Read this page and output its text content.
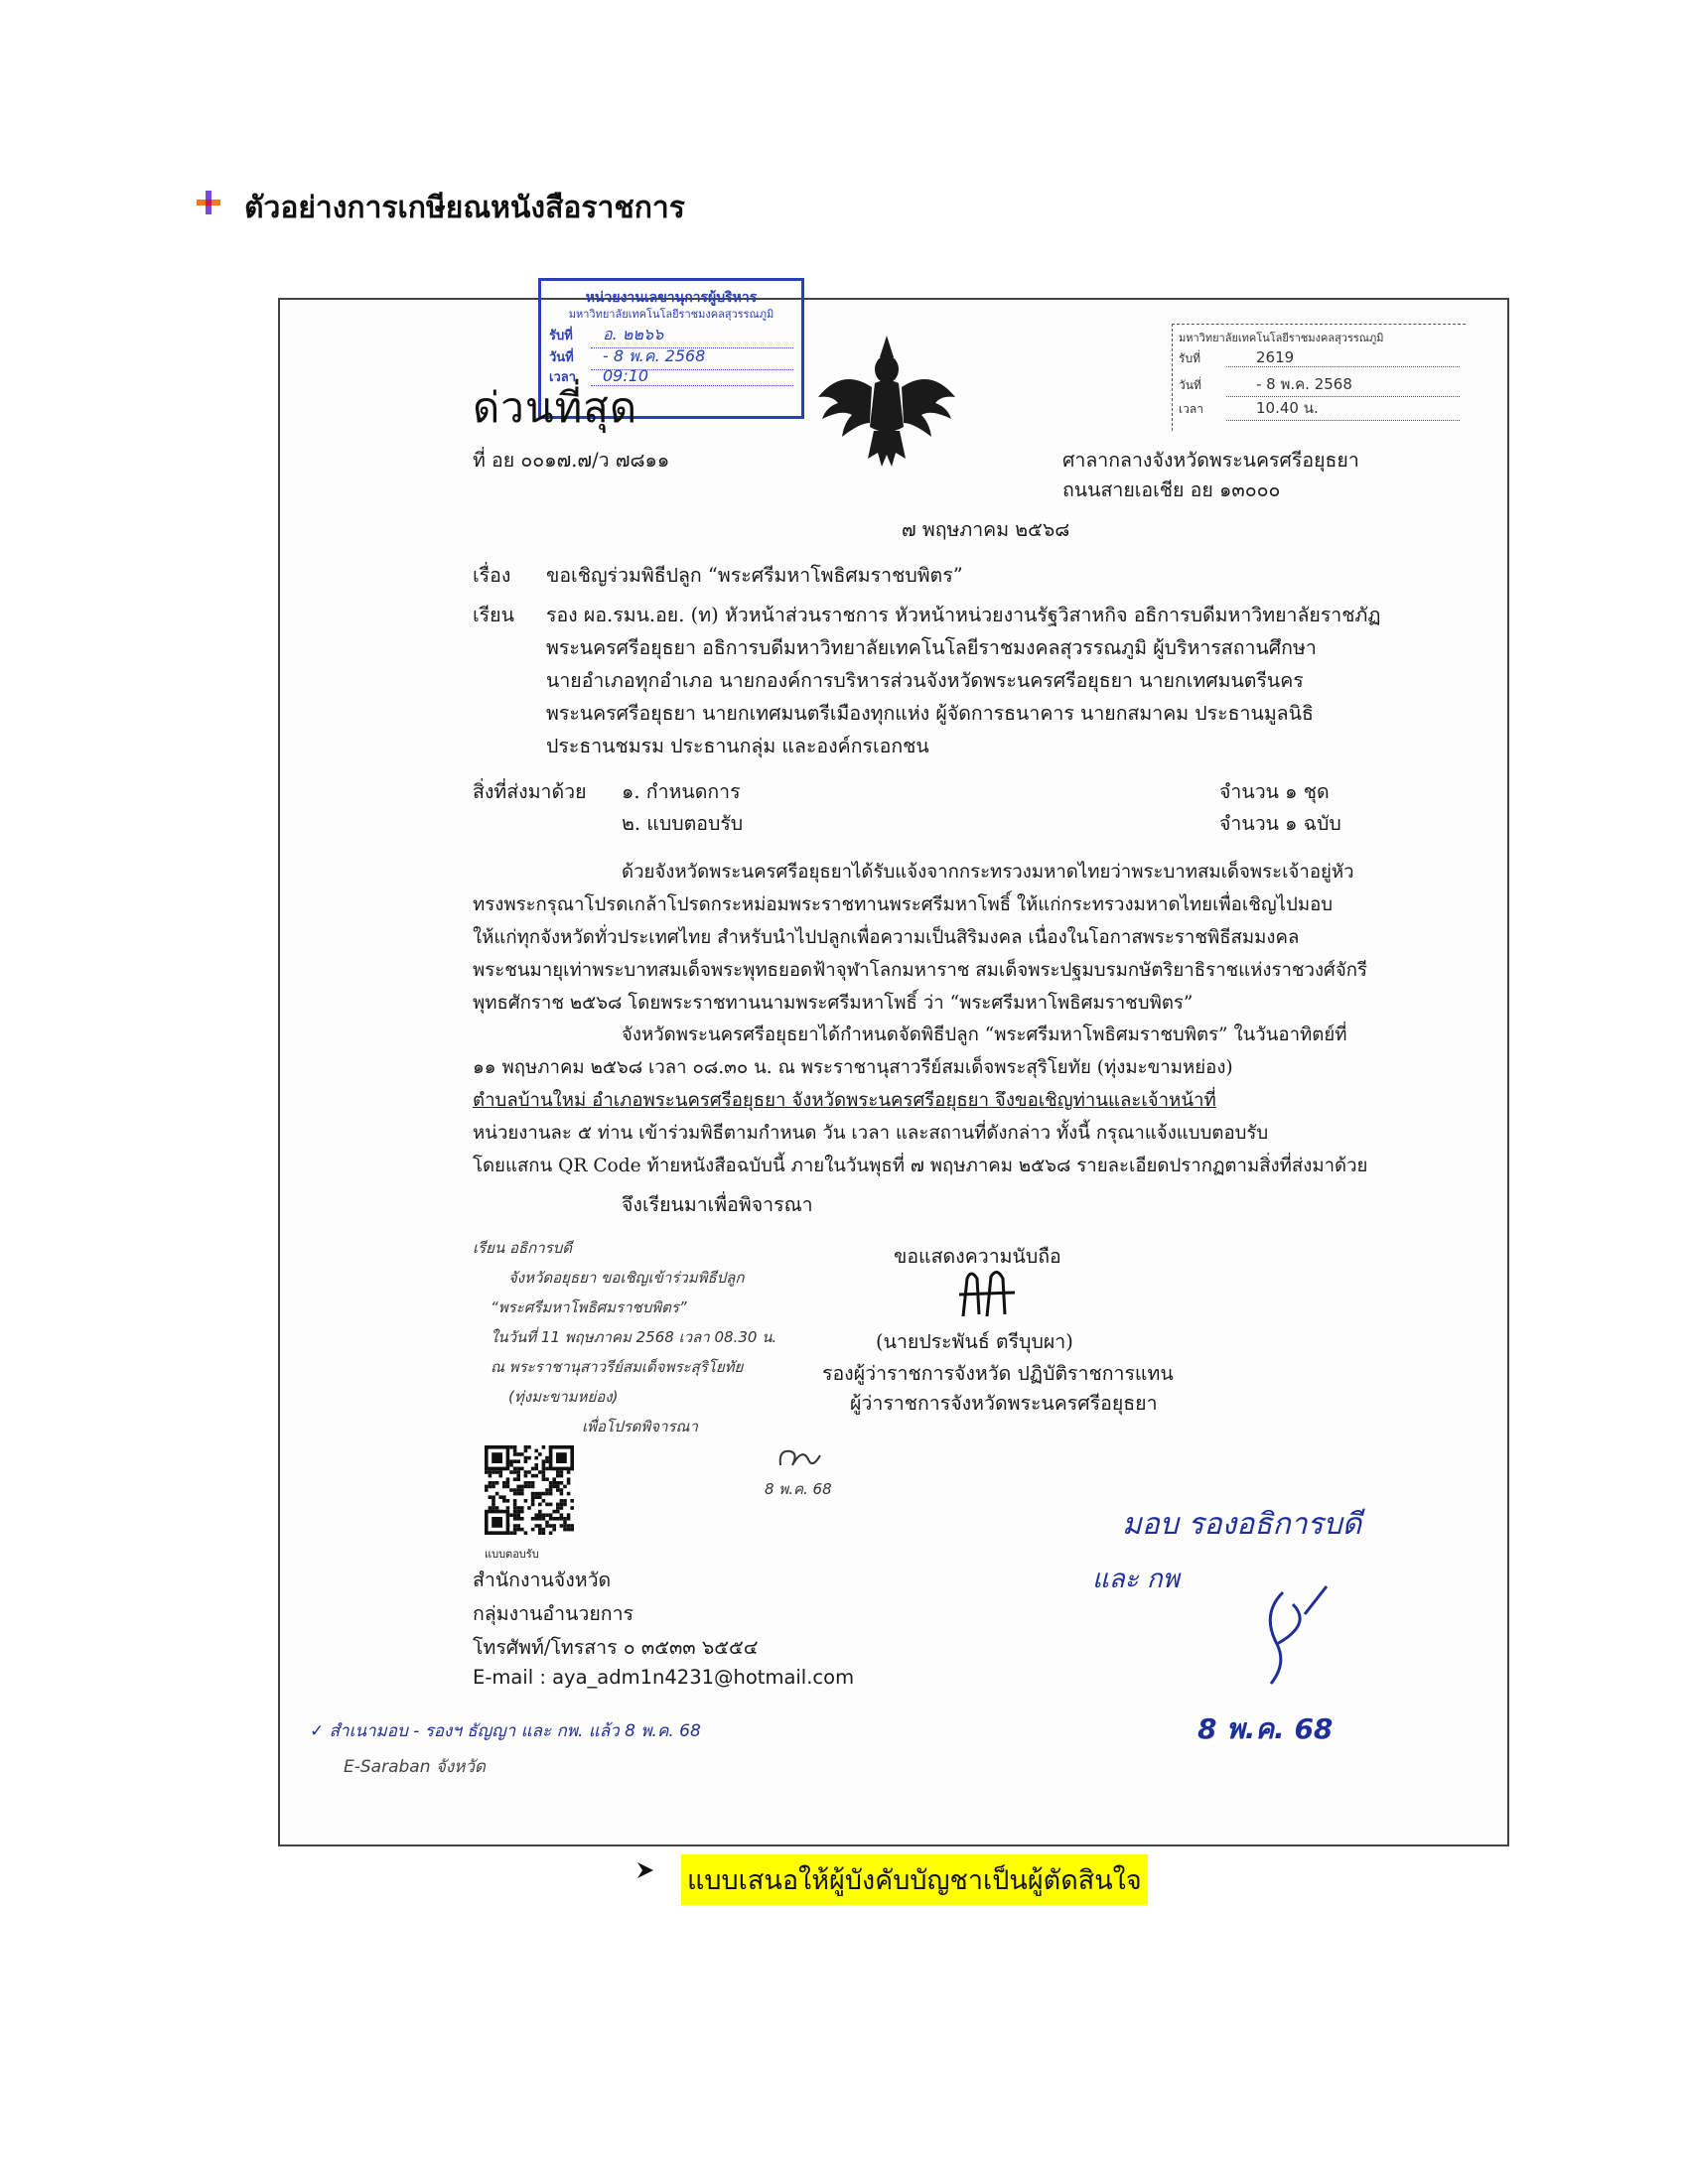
ตัวอย่างการเกษียณหนังสือราชการ
หน่วยงานเลขานุการผู้บริหาร
มหาวิทยาลัยเทคโนโลยีราชมงคลสุวรรณภูมิ
รับที่	อ. ๒๒๖๖
วันที่	- 8 พ.ค. 2568
เวลา	09:10
มหาวิทยาลัยเทคโนโลยีราชมงคลสุวรรณภูมิ
รับที่	2619
วันที่	- 8 พ.ค. 2568
เวลา	10.40 น.
ด่วนที่สุด
ที่ อย ๐๐๑๗.๗/ว ๗๘๑๑	ศาลากลางจังหวัดพระนครศรีอยุธยา
ถนนสายเอเชีย อย ๑๓๐๐๐
๗ พฤษภาคม ๒๕๖๘
เรื่อง ขอเชิญร่วมพิธีปลูก “พระศรีมหาโพธิศมราชบพิตร”
เรียน รอง ผอ.รมน.อย. (ท) หัวหน้าส่วนราชการ หัวหน้าหน่วยงานรัฐวิสาหกิจ อธิการบดีมหาวิทยาลัยราชภัฏ
พระนครศรีอยุธยา อธิการบดีมหาวิทยาลัยเทคโนโลยีราชมงคลสุวรรณภูมิ ผู้บริหารสถานศึกษา
นายอำเภอทุกอำเภอ นายกองค์การบริหารส่วนจังหวัดพระนครศรีอยุธยา นายกเทศมนตรีนคร
พระนครศรีอยุธยา นายกเทศมนตรีเมืองทุกแห่ง ผู้จัดการธนาคาร นายกสมาคม ประธานมูลนิธิ
ประธานชมรม ประธานกลุ่ม และองค์กรเอกชน
สิ่งที่ส่งมาด้วย ๑. กำหนดการ	จำนวน ๑ ชุด
๒. แบบตอบรับ	จำนวน ๑ ฉบับ
ด้วยจังหวัดพระนครศรีอยุธยาได้รับแจ้งจากกระทรวงมหาดไทยว่าพระบาทสมเด็จพระเจ้าอยู่หัว
ทรงพระกรุณาโปรดเกล้าโปรดกระหม่อมพระราชทานพระศรีมหาโพธิ์ ให้แก่กระทรวงมหาดไทยเพื่อเชิญไปมอบ
ให้แก่ทุกจังหวัดทั่วประเทศไทย สำหรับนำไปปลูกเพื่อความเป็นสิริมงคล เนื่องในโอกาสพระราชพิธีสมมงคล
พระชนมายุเท่าพระบาทสมเด็จพระพุทธยอดฟ้าจุฬาโลกมหาราช สมเด็จพระปฐมบรมกษัตริยาธิราชแห่งราชวงศ์จักรี
พุทธศักราช ๒๕๖๘ โดยพระราชทานนามพระศรีมหาโพธิ์ ว่า “พระศรีมหาโพธิศมราชบพิตร”
จังหวัดพระนครศรีอยุธยาได้กำหนดจัดพิธีปลูก “พระศรีมหาโพธิศมราชบพิตร” ในวันอาทิตย์ที่
๑๑ พฤษภาคม ๒๕๖๘ เวลา ๐๘.๓๐ น. ณ พระราชานุสาวรีย์สมเด็จพระสุริโยทัย (ทุ่งมะขามหย่อง)
ตำบลบ้านใหม่ อำเภอพระนครศรีอยุธยา จังหวัดพระนครศรีอยุธยา จึงขอเชิญท่านและเจ้าหน้าที่
หน่วยงานละ ๕ ท่าน เข้าร่วมพิธีตามกำหนด วัน เวลา และสถานที่ดังกล่าว ทั้งนี้ กรุณาแจ้งแบบตอบรับ
โดยแสกน QR Code ท้ายหนังสือฉบับนี้ ภายในวันพุธที่ ๗ พฤษภาคม ๒๕๖๘ รายละเอียดปรากฏตามสิ่งที่ส่งมาด้วย
จึงเรียนมาเพื่อพิจารณา
เรียน อธิการบดี
จังหวัดอยุธยา ขอเชิญเข้าร่วมพิธีปลูก
“พระศรีมหาโพธิศมราชบพิตร”
ในวันที่ 11 พฤษภาคม 2568 เวลา 08.30 น.
ณ พระราชานุสาวรีย์สมเด็จพระสุริโยทัย
(ทุ่งมะขามหย่อง)
เพื่อโปรดพิจารณา
8 พ.ค. 68
ขอแสดงความนับถือ
(นายประพันธ์ ตรีบุบผา)
รองผู้ว่าราชการจังหวัด ปฏิบัติราชการแทน
ผู้ว่าราชการจังหวัดพระนครศรีอยุธยา
แบบตอบรับ
สำนักงานจังหวัด
กลุ่มงานอำนวยการ
โทรศัพท์/โทรสาร ๐ ๓๕๓๓ ๖๕๕๔
E-mail : aya_adm1n4231@hotmail.com
มอบ รองอธิการบดี
และ กพ
8 พ.ค. 68
✓ สำเนามอบ - รองฯ ธัญญา และ กพ. แล้ว 8 พ.ค. 68
E-Saraban จังหวัด
แบบเสนอให้ผู้บังคับบัญชาเป็นผู้ตัดสินใจ
